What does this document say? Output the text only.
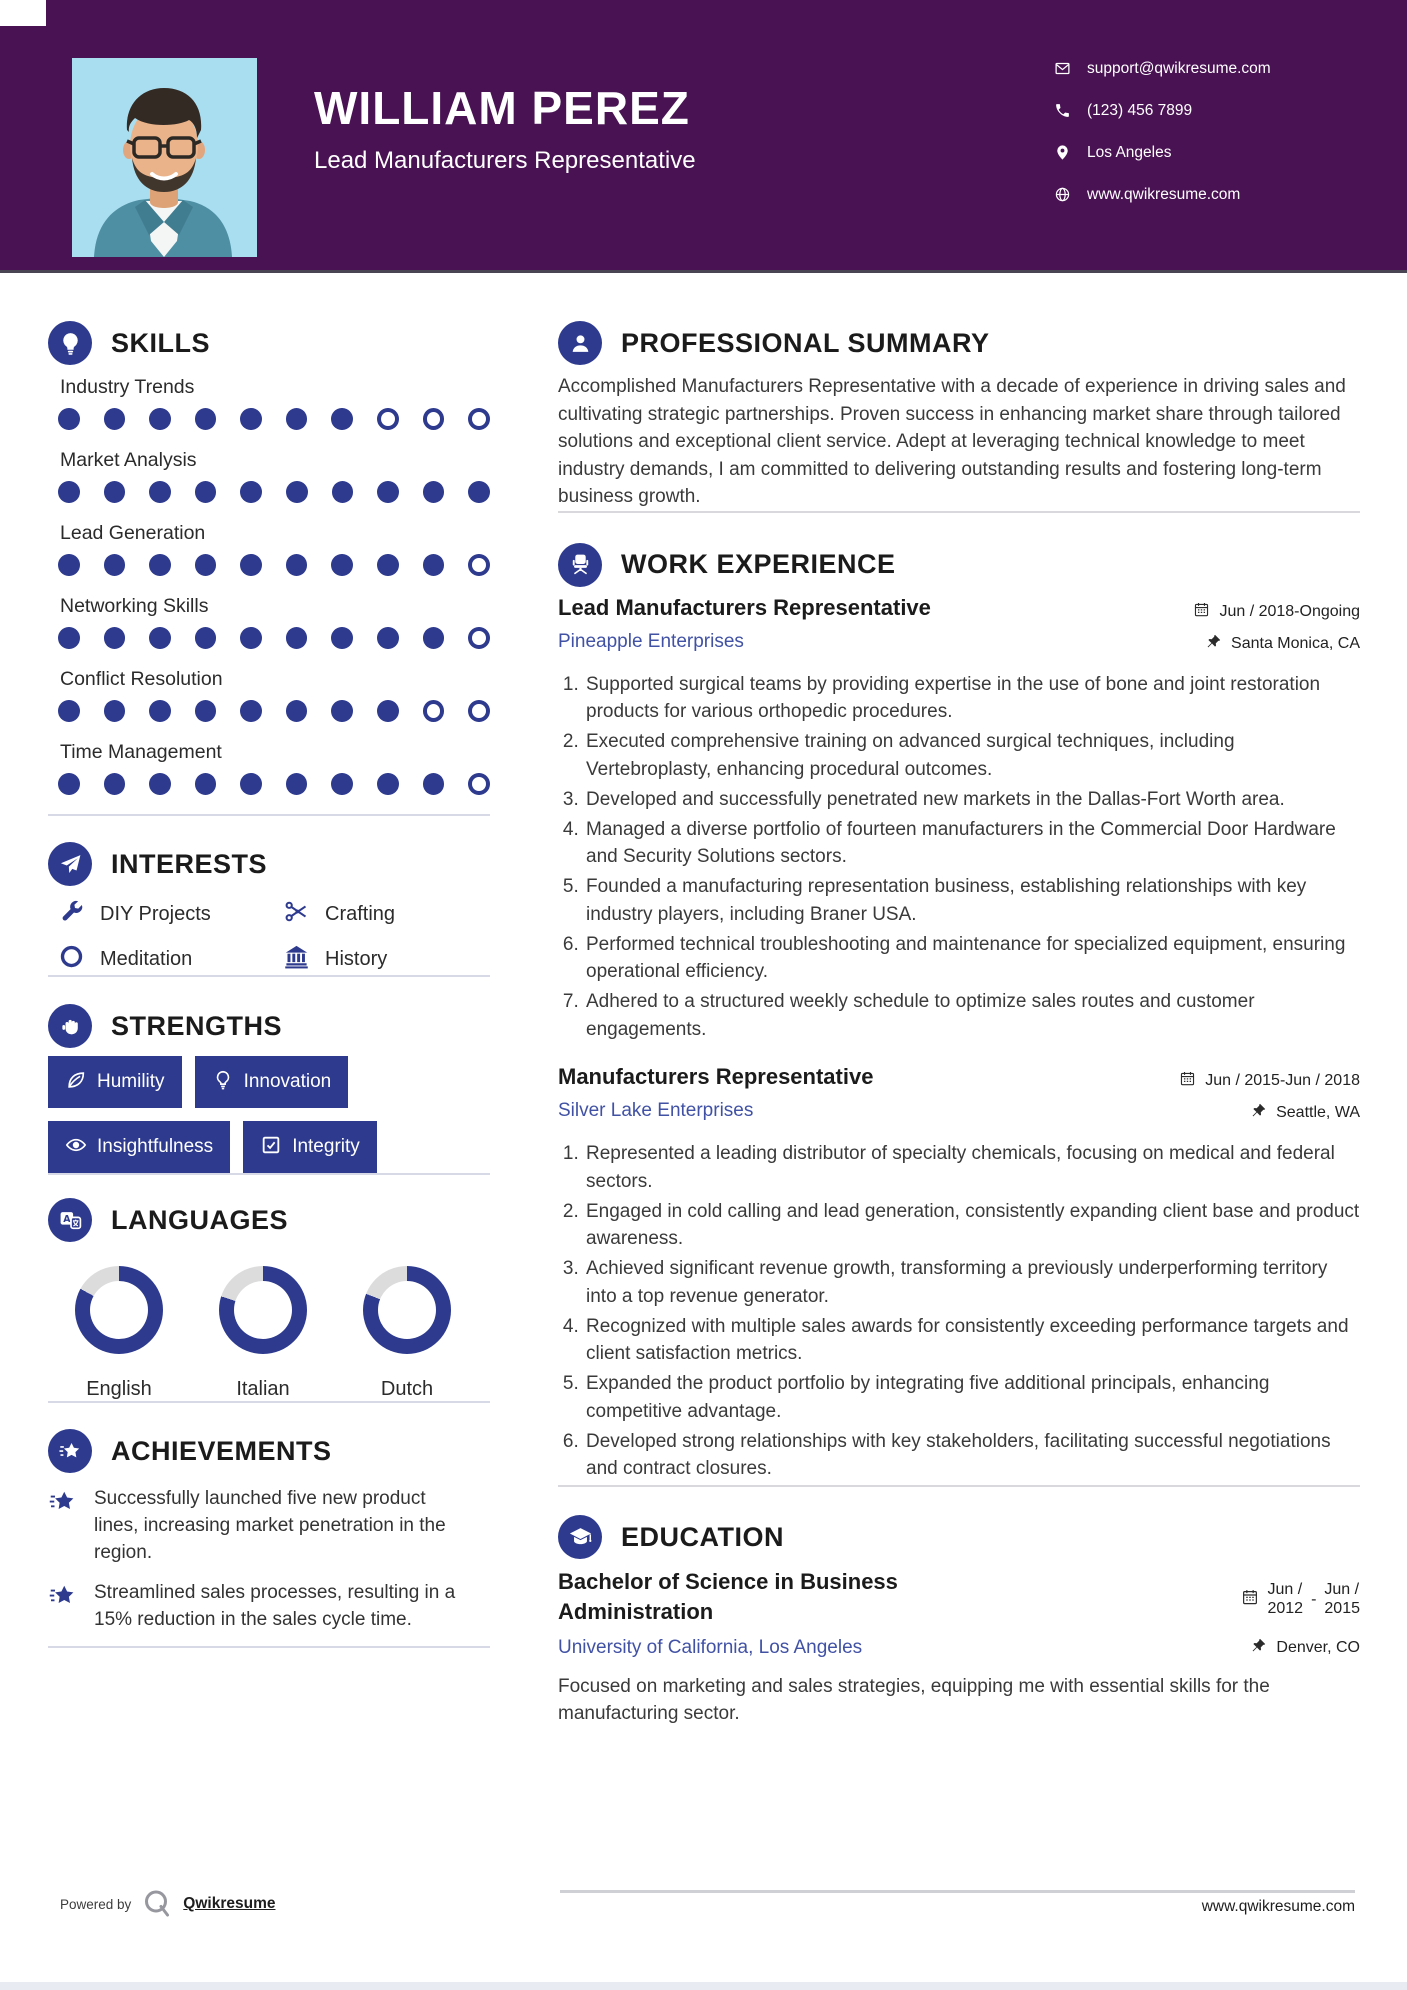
WILLIAM PEREZ
Lead Manufacturers Representative
support@qwikresume.com
(123) 456 7899
Los Angeles
www.qwikresume.com
SKILLS
Industry Trends
Market Analysis
Lead Generation
Networking Skills
Conflict Resolution
Time Management
INTERESTS
DIY Projects	Crafting
Meditation	History
STRENGTHS
Humility	Innovation
Insightfulness	Integrity
A LANGUAGES
English	Italian	Dutch
ACHIEVEMENTS
Successfully launched five new product lines, increasing market penetration in the region.
Streamlined sales processes, resulting in a 15% reduction in the sales cycle time.
PROFESSIONAL SUMMARY

Accomplished Manufacturers Representative with a decade of experience in driving sales and cultivating strategic partnerships. Proven success in enhancing market share through tailored solutions and exceptional client service. Adept at leveraging technical knowledge to meet industry demands, I am committed to delivering outstanding results and fostering long-term business growth.

WORK EXPERIENCE
Lead Manufacturers Representative
Pineapple Enterprises
Jun / 2018-Ongoing
Santa Monica, CA
1. Supported surgical teams by providing expertise in the use of bone and joint restoration products for various orthopedic procedures.
2. Executed comprehensive training on advanced surgical techniques, including Vertebroplasty, enhancing procedural outcomes.
3. Developed and successfully penetrated new markets in the Dallas-Fort Worth area.
4. Managed a diverse portfolio of fourteen manufacturers in the Commercial Door Hardware and Security Solutions sectors.
5. Founded a manufacturing representation business, establishing relationships with key industry players, including Braner USA.
6. Performed technical troubleshooting and maintenance for specialized equipment, ensuring operational efficiency.
7. Adhered to a structured weekly schedule to optimize sales routes and customer engagements.
Manufacturers Representative
Silver Lake Enterprises
Jun / 2015-Jun / 2018
Seattle, WA
1. Represented a leading distributor of specialty chemicals, focusing on medical and federal sectors.
2. Engaged in cold calling and lead generation, consistently expanding client base and product awareness.
3. Achieved significant revenue growth, transforming a previously underperforming territory into a top revenue generator.
4. Recognized with multiple sales awards for consistently exceeding performance targets and client satisfaction metrics.
5. Expanded the product portfolio by integrating five additional principals, enhancing competitive advantage.
6. Developed strong relationships with key stakeholders, facilitating successful negotiations and contract closures.
EDUCATION
Bachelor of Science in Business Administration
Jun /
2012
-
Jun /
2015
University of California, Los Angeles	Denver, CO

Focused on marketing and sales strategies, equipping me with essential skills for the manufacturing sector.

Powered by	Qwikresume	www.qwikresume.com
